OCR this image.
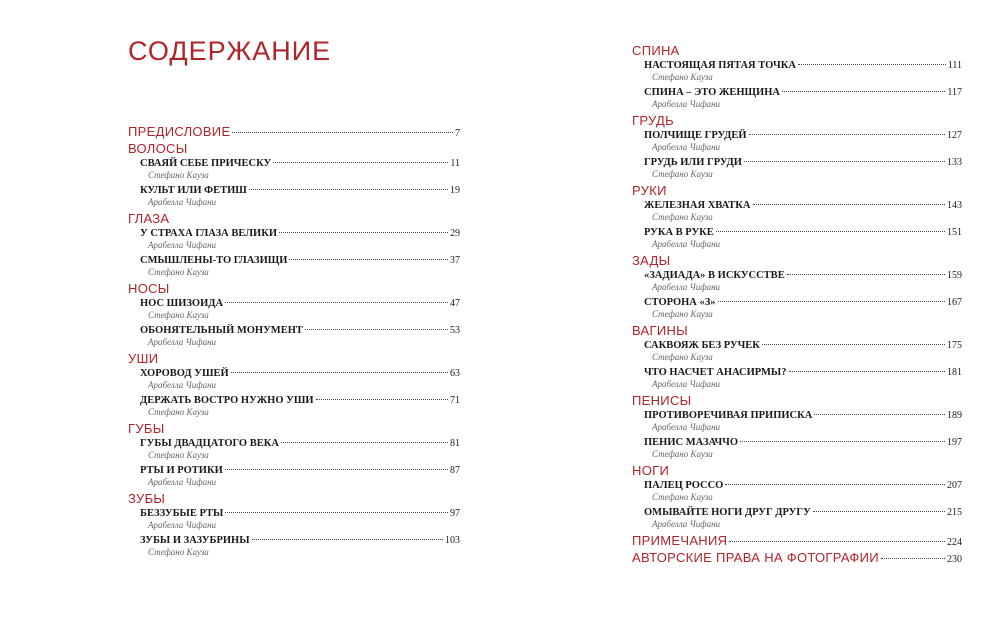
СОДЕРЖАНИЕ
ПРЕДИСЛОВИЕ	7
ВОЛОСЫ
СВАЯЙ СЕБЕ ПРИЧЕСКУ	11
Стефано Кауза
КУЛЬТ ИЛИ ФЕТИШ	19
Арабелла Чифани
ГЛАЗА
У СТРАХА ГЛАЗА ВЕЛИКИ	29
Арабелла Чифани
СМЫШЛЕНЫ-ТО ГЛАЗИЩИ	37
Стефано Кауза
НОСЫ
НОС ШИЗОИДА	47
Стефано Кауза
ОБОНЯТЕЛЬНЫЙ МОНУМЕНТ	53
Арабелла Чифани
УШИ
ХОРОВОД УШЕЙ	63
Арабелла Чифани
ДЕРЖАТЬ ВОСТРО НУЖНО УШИ	71
Стефано Кауза
ГУБЫ
ГУБЫ ДВАДЦАТОГО ВЕКА	81
Стефано Кауза
РТЫ И РОТИКИ	87
Арабелла Чифани
ЗУБЫ
БЕЗЗУБЫЕ РТЫ	97
Арабелла Чифани
ЗУБЫ И ЗАЗУБРИНЫ	103
Стефано Кауза
СПИНА
НАСТОЯЩАЯ ПЯТАЯ ТОЧКА	111
Стефано Кауза
СПИНА – ЭТО ЖЕНЩИНА	117
Арабелла Чифани
ГРУДЬ
ПОЛЧИЩЕ ГРУДЕЙ	127
Арабелла Чифани
ГРУДЬ ИЛИ ГРУДИ	133
Стефано Кауза
РУКИ
ЖЕЛЕЗНАЯ ХВАТКА	143
Стефано Кауза
РУКА В РУКЕ	151
Арабелла Чифани
ЗАДЫ
«ЗАДИАДА» В ИСКУССТВЕ	159
Арабелла Чифани
СТОРОНА «З»	167
Стефано Кауза
ВАГИНЫ
САКВОЯЖ БЕЗ РУЧЕК	175
Стефано Кауза
ЧТО НАСЧЕТ АНАСИРМЫ?	181
Арабелла Чифани
ПЕНИСЫ
ПРОТИВОРЕЧИВАЯ ПРИПИСКА	189
Арабелла Чифани
ПЕНИС МАЗАЧЧО	197
Стефано Кауза
НОГИ
ПАЛЕЦ РОССО	207
Стефано Кауза
ОМЫВАЙТЕ НОГИ ДРУГ ДРУГУ	215
Арабелла Чифани
ПРИМЕЧАНИЯ	224
АВТОРСКИЕ ПРАВА НА ФОТОГРАФИИ	230
